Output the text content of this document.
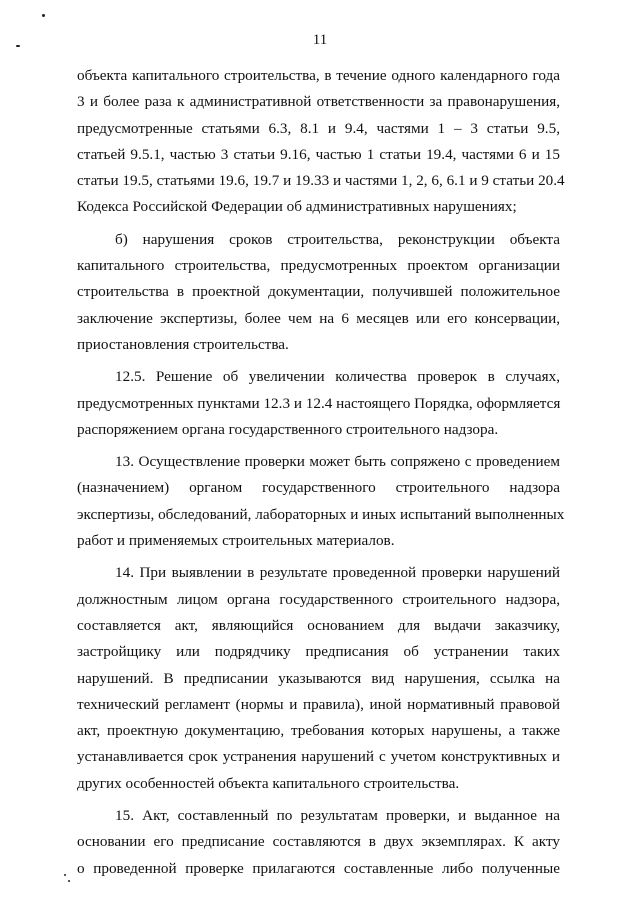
11
объекта капитального строительства, в течение одного календарного года
3 и более раза к административной ответственности за правонарушения,
предусмотренные статьями 6.3, 8.1 и 9.4, частями 1 – 3 статьи 9.5,
статьей 9.5.1, частью 3 статьи 9.16, частью 1 статьи 19.4, частями 6 и 15
статьи 19.5, статьями 19.6, 19.7 и 19.33 и частями 1, 2, 6, 6.1 и 9 статьи 20.4
Кодекса Российской Федерации об административных нарушениях;
б) нарушения сроков строительства, реконструкции объекта
капитального строительства, предусмотренных проектом организации
строительства в проектной документации, получившей положительное
заключение экспертизы, более чем на 6 месяцев или его консервации,
приостановления строительства.
12.5. Решение об увеличении количества проверок в случаях,
предусмотренных пунктами 12.3 и 12.4 настоящего Порядка, оформляется
распоряжением органа государственного строительного надзора.
13. Осуществление проверки может быть сопряжено с проведением
(назначением) органом государственного строительного надзора
экспертизы, обследований, лабораторных и иных испытаний выполненных
работ и применяемых строительных материалов.
14. При выявлении в результате проведенной проверки нарушений
должностным лицом органа государственного строительного надзора,
составляется акт, являющийся основанием для выдачи заказчику,
застройщику или подрядчику предписания об устранении таких
нарушений. В предписании указываются вид нарушения, ссылка на
технический регламент (нормы и правила), иной нормативный правовой
акт, проектную документацию, требования которых нарушены, а также
устанавливается срок устранения нарушений с учетом конструктивных и
других особенностей объекта капитального строительства.
15. Акт, составленный по результатам проверки, и выданное на
основании его предписание составляются в двух экземплярах. К акту
о проведенной проверке прилагаются составленные либо полученные
